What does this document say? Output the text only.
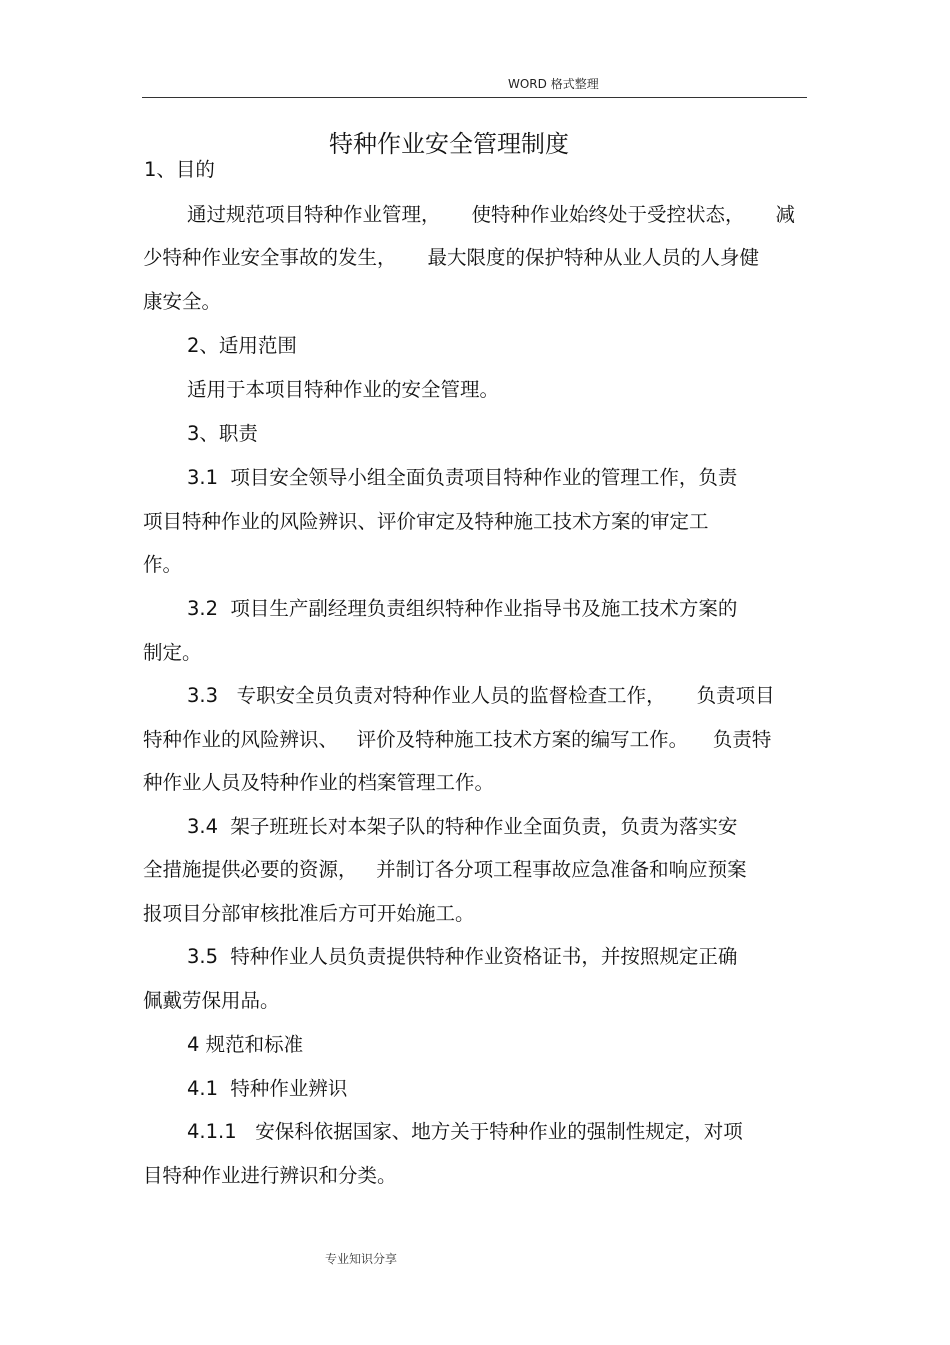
WORD 格式整理
特种作业安全管理制度
1、目的
通过规范项目特种作业管理，     使特种作业始终处于受控状态，     减
少特种作业安全事故的发生，     最大限度的保护特种从业人员的人身健
康安全。
2、适用范围
适用于本项目特种作业的安全管理。
3、职责
3.1  项目安全领导小组全面负责项目特种作业的管理工作，负责
项目特种作业的风险辨识、评价审定及特种施工技术方案的审定工
作。
3.2  项目生产副经理负责组织特种作业指导书及施工技术方案的
制定。
3.3   专职安全员负责对特种作业人员的监督检查工作，     负责项目
特种作业的风险辨识、   评价及特种施工技术方案的编写工作。    负责特
种作业人员及特种作业的档案管理工作。
3.4  架子班班长对本架子队的特种作业全面负责，负责为落实安
全措施提供必要的资源，   并制订各分项工程事故应急准备和响应预案
报项目分部审核批准后方可开始施工。
3.5  特种作业人员负责提供特种作业资格证书，并按照规定正确
佩戴劳保用品。
4 规范和标准
4.1  特种作业辨识
4.1.1   安保科依据国家、地方关于特种作业的强制性规定，对项
目特种作业进行辨识和分类。
专业知识分享
